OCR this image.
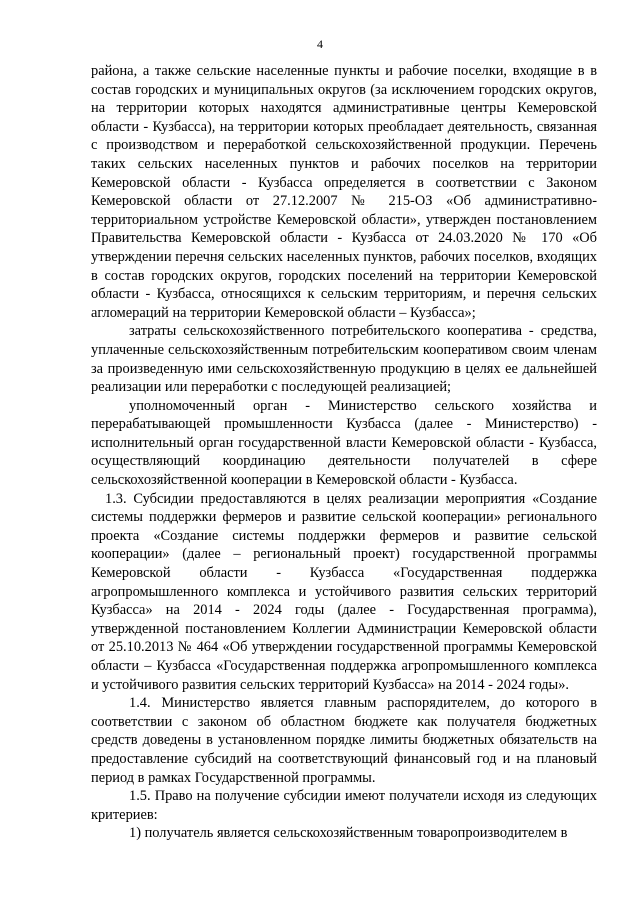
4

района, а также сельские населенные пункты и рабочие поселки, входящие в в состав городских и муниципальных округов (за исключением городских округов, на территории которых находятся административные центры Кемеровской области - Кузбасса), на территории которых преобладает деятельность, связанная с производством и переработкой сельскохозяйственной продукции. Перечень таких сельских населенных пунктов и рабочих поселков на территории Кемеровской области - Кузбасса определяется в соответствии с Законом Кемеровской области от 27.12.2007 № 215-ОЗ «Об административно-территориальном устройстве Кемеровской области», утвержден постановлением Правительства Кемеровской области - Кузбасса от 24.03.2020 № 170 «Об утверждении перечня сельских населенных пунктов, рабочих поселков, входящих в состав городских округов, городских поселений на территории Кемеровской области - Кузбасса, относящихся к сельским территориям, и перечня сельских агломераций на территории Кемеровской области – Кузбасса»;

затраты сельскохозяйственного потребительского кооператива - средства, уплаченные сельскохозяйственным потребительским кооперативом своим членам за произведенную ими сельскохозяйственную продукцию в целях ее дальнейшей реализации или переработки с последующей реализацией;

уполномоченный орган - Министерство сельского хозяйства и перерабатывающей промышленности Кузбасса (далее - Министерство) - исполнительный орган государственной власти Кемеровской области - Кузбасса, осуществляющий координацию деятельности получателей в сфере сельскохозяйственной кооперации в Кемеровской области - Кузбасса.

1.3. Субсидии предоставляются в целях реализации мероприятия «Создание системы поддержки фермеров и развитие сельской кооперации» регионального проекта «Создание системы поддержки фермеров и развитие сельской кооперации» (далее – региональный проект) государственной программы Кемеровской области - Кузбасса «Государственная поддержка агропромышленного комплекса и устойчивого развития сельских территорий Кузбасса» на 2014 - 2024 годы (далее - Государственная программа), утвержденной постановлением Коллегии Администрации Кемеровской области от 25.10.2013 № 464 «Об утверждении государственной программы Кемеровской области – Кузбасса «Государственная поддержка агропромышленного комплекса и устойчивого развития сельских территорий Кузбасса» на 2014 - 2024 годы».

1.4. Министерство является главным распорядителем, до которого в соответствии с законом об областном бюджете как получателя бюджетных средств доведены в установленном порядке лимиты бюджетных обязательств на предоставление субсидий на соответствующий финансовый год и на плановый период в рамках Государственной программы.

1.5. Право на получение субсидии имеют получатели исходя из следующих критериев:

1) получатель является сельскохозяйственным товаропроизводителем в
